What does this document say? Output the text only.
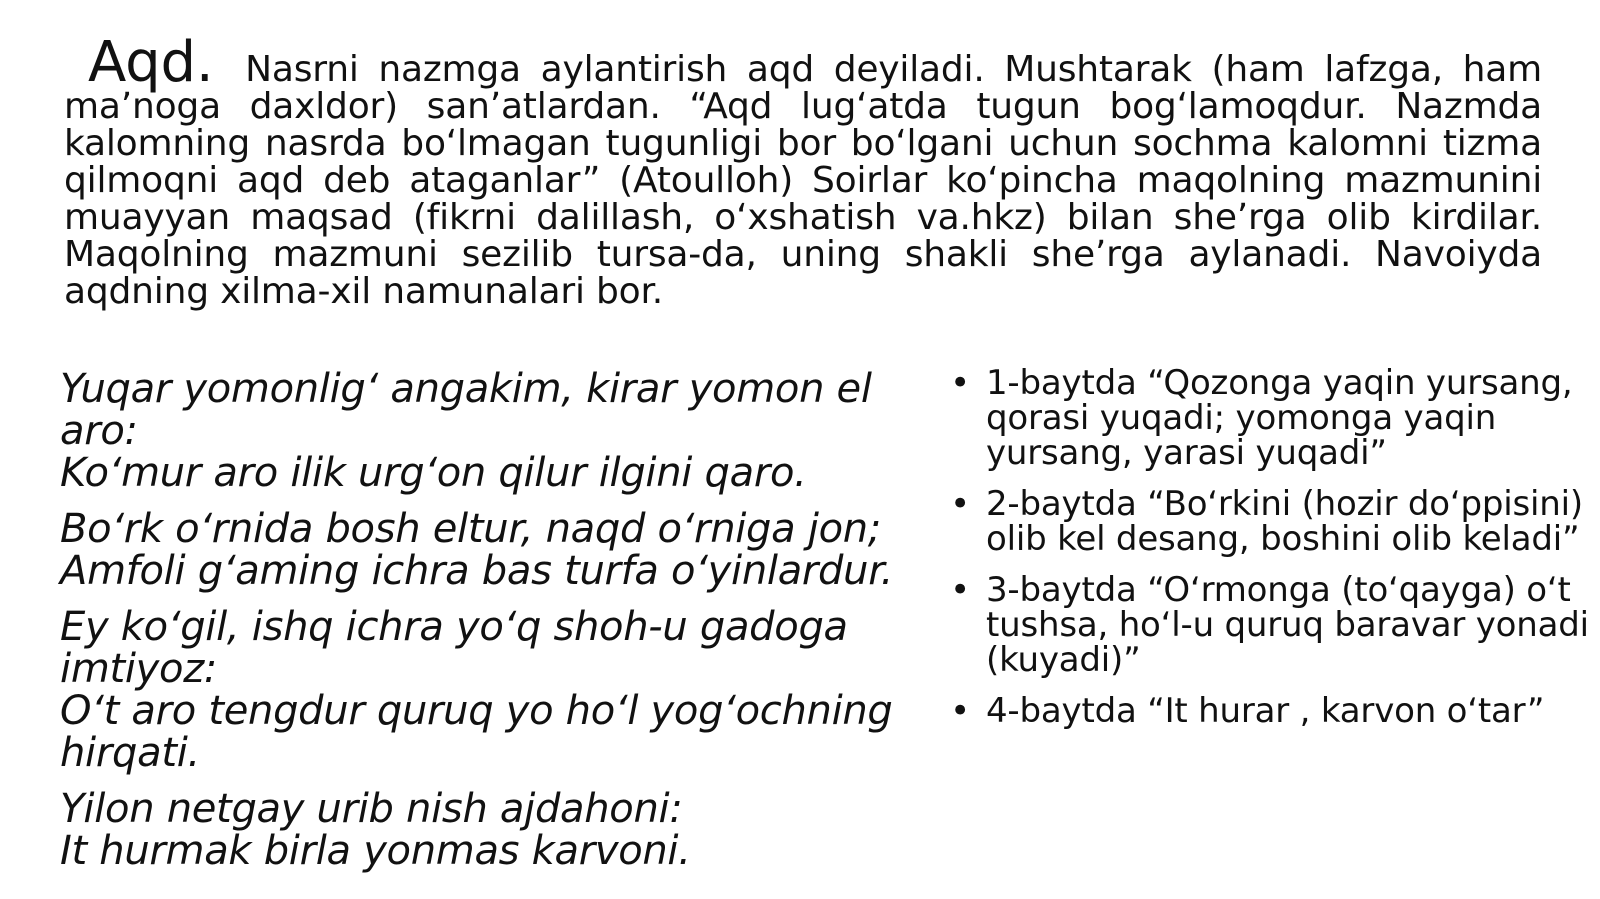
Aqd. Nasrni nazmga aylantirish aqd deyiladi. Mushtarak (ham lafzga, ham ma’noga daxldor) san’atlardan. “Aqd lug‘atda tugun bog‘lamoqdur. Nazmda kalomning nasrda bo‘lmagan tugunligi bor bo‘lgani uchun sochma kalomni tizma qilmoqni aqd deb ataganlar” (Atoulloh) Soirlar ko‘pincha maqolning mazmunini muayyan maqsad (fikrni dalillash, o‘xshatish va.hkz) bilan she’rga olib kirdilar. Maqolning mazmuni sezilib tursa-da, uning shakli she’rga aylanadi. Navoiyda aqdning xilma-xil namunalari bor.
Yuqar yomonlig‘ angakim, kirar yomon el aro:
Ko‘mur aro ilik urg‘on qilur ilgini qaro.
Bo‘rk o‘rnida bosh eltur, naqd o‘rniga jon;
Amfoli g‘aming ichra bas turfa o‘yinlardur.
Ey ko‘gil, ishq ichra yo‘q shoh-u gadoga imtiyoz:
O‘t aro tengdur quruq yo ho‘l yog‘ochning hirqati.
Yilon netgay urib nish ajdahoni:
It hurmak birla yonmas karvoni.
• 1-baytda “Qozonga yaqin yursang, qorasi yuqadi; yomonga yaqin yursang, yarasi yuqadi”
• 2-baytda “Bo‘rkini (hozir do‘ppisini) olib kel desang, boshini olib keladi”
• 3-baytda “O‘rmonga (to‘qayga) o‘t tushsa, ho‘l-u quruq baravar yonadi (kuyadi)”
• 4-baytda “It hurar , karvon o‘tar”
